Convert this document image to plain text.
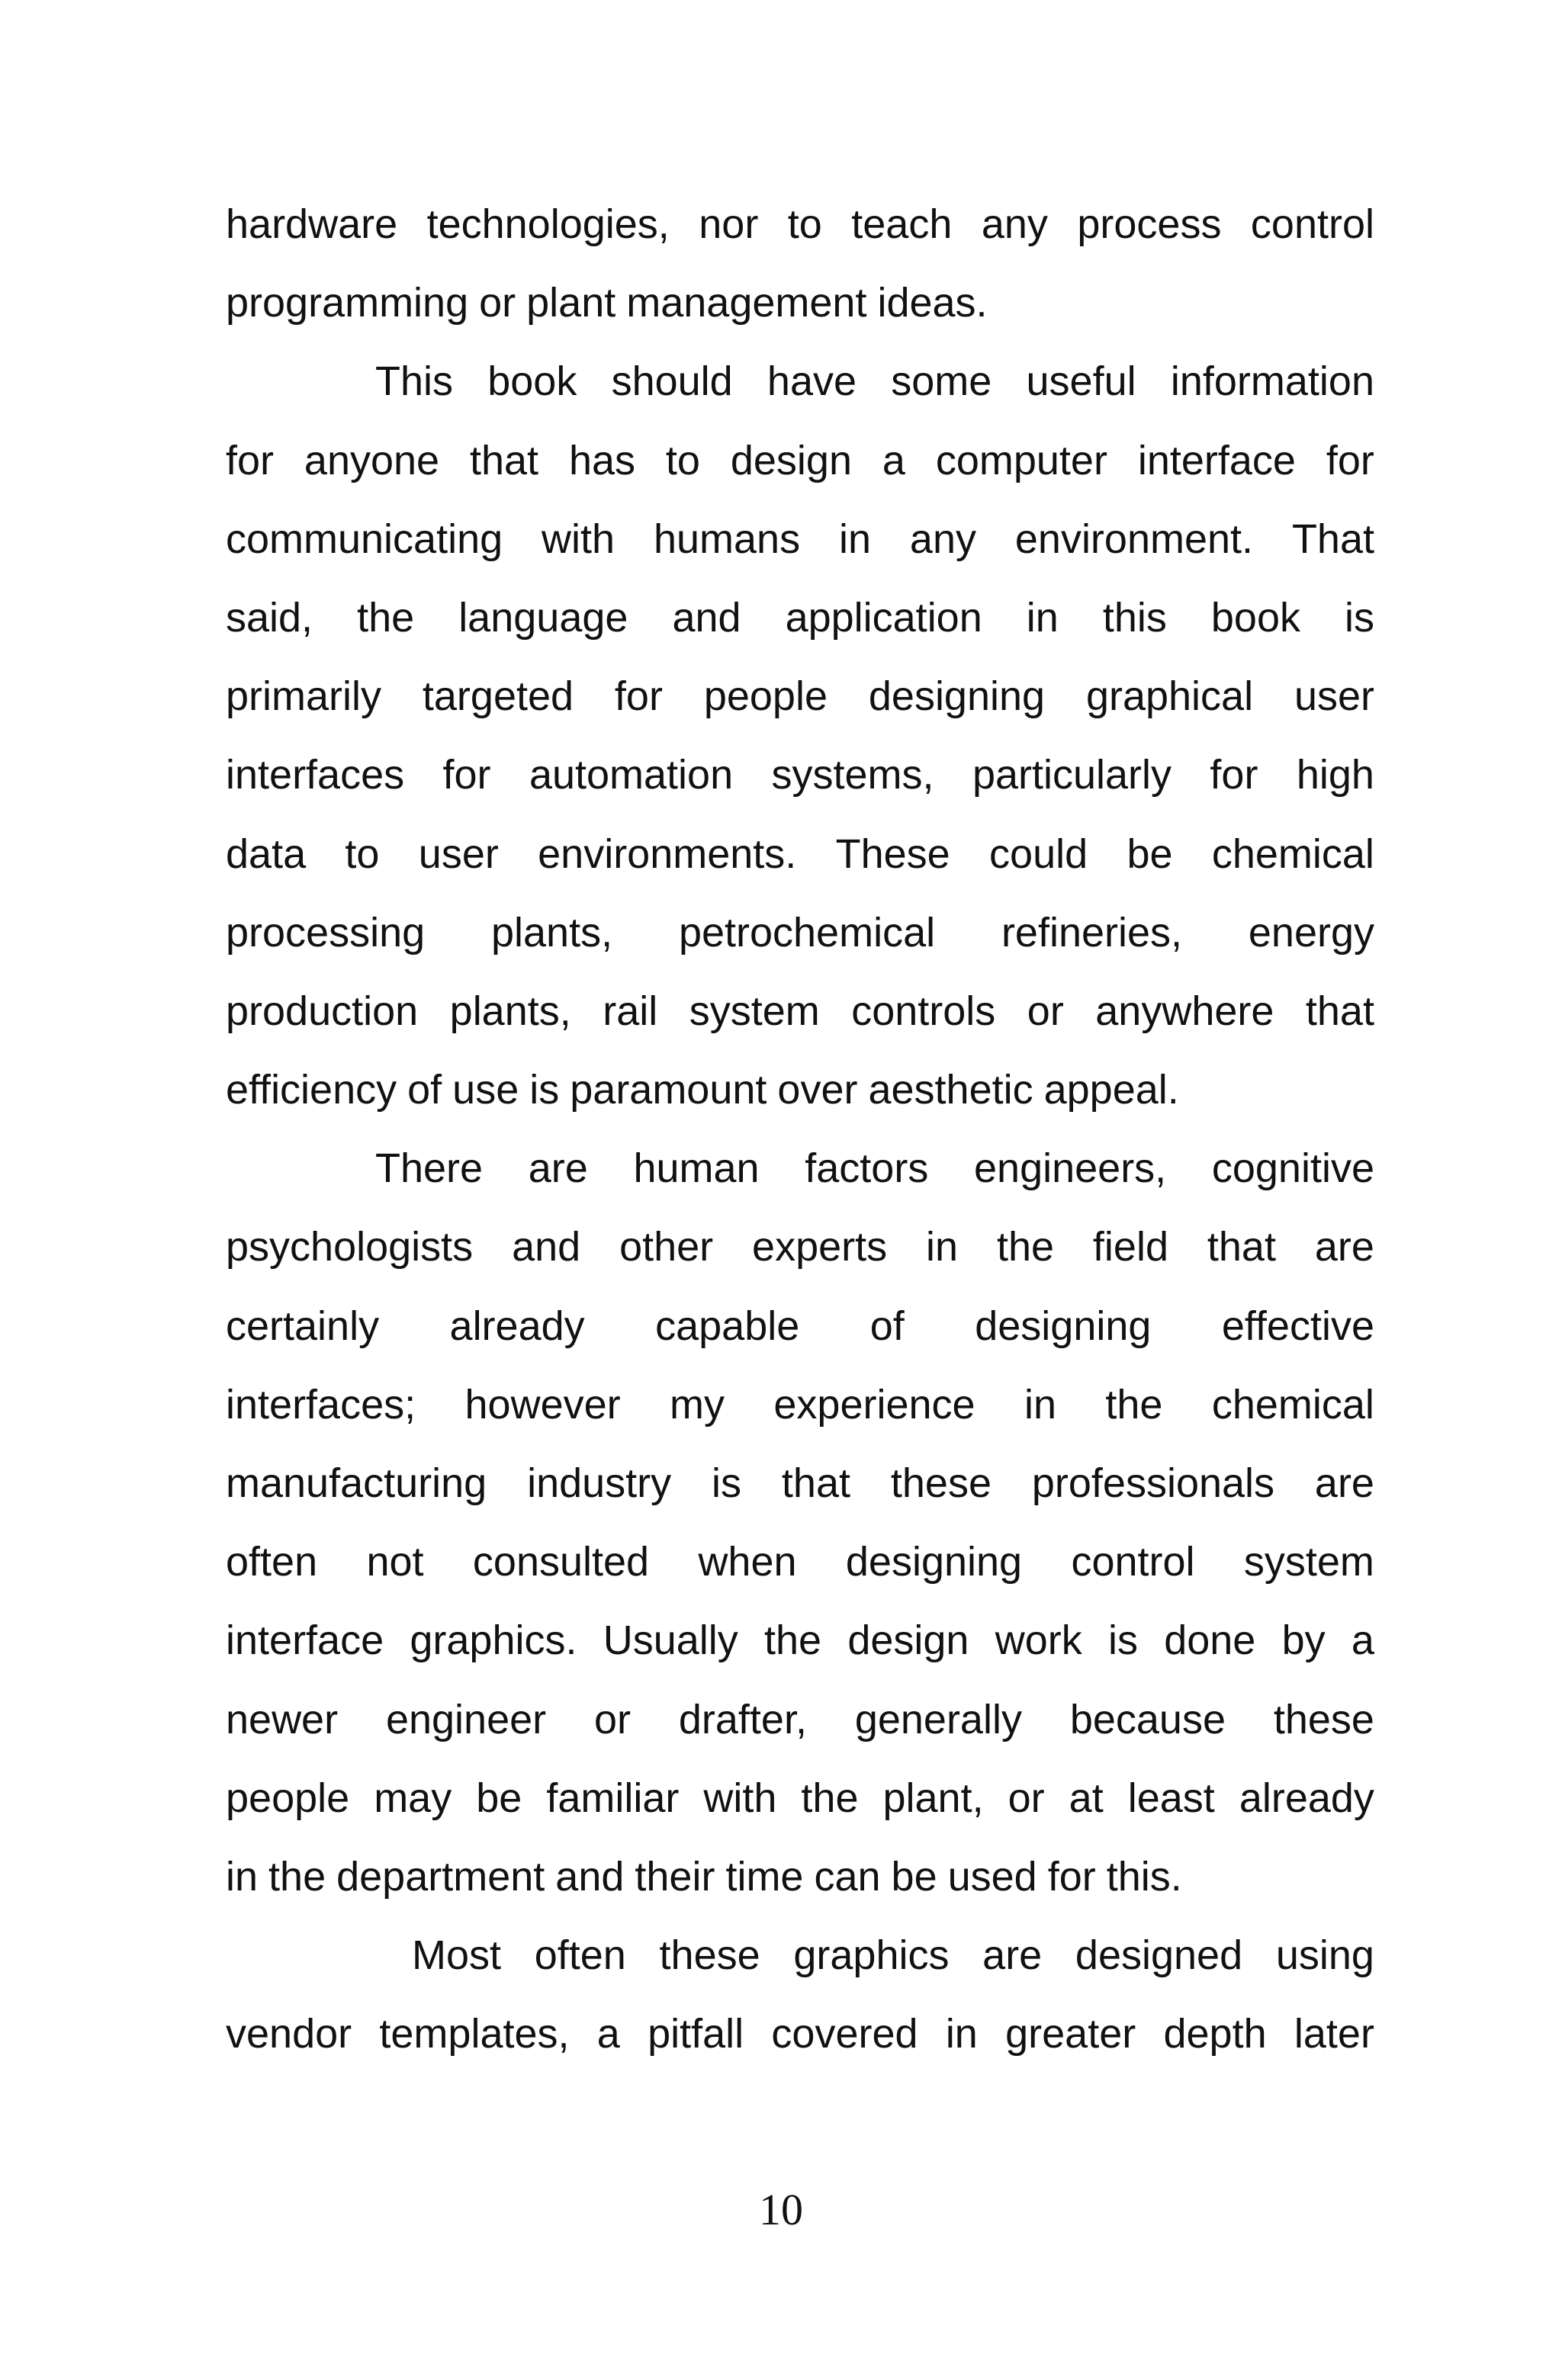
hardware technologies, nor to teach any process control
programming or plant management ideas.
This book should have some useful information
for anyone that has to design a computer interface for
communicating with humans in any environment. That
said, the language and application in this book is
primarily targeted for people designing graphical user
interfaces for automation systems, particularly for high
data to user environments. These could be chemical
processing plants, petrochemical refineries, energy
production plants, rail system controls or anywhere that
efficiency of use is paramount over aesthetic appeal.
There are human factors engineers, cognitive
psychologists and other experts in the field that are
certainly already capable of designing effective
interfaces; however my experience in the chemical
manufacturing industry is that these professionals are
often not consulted when designing control system
interface graphics. Usually the design work is done by a
newer engineer or drafter, generally because these
people may be familiar with the plant, or at least already
in the department and their time can be used for this.
Most often these graphics are designed using
vendor templates, a pitfall covered in greater depth later
10
